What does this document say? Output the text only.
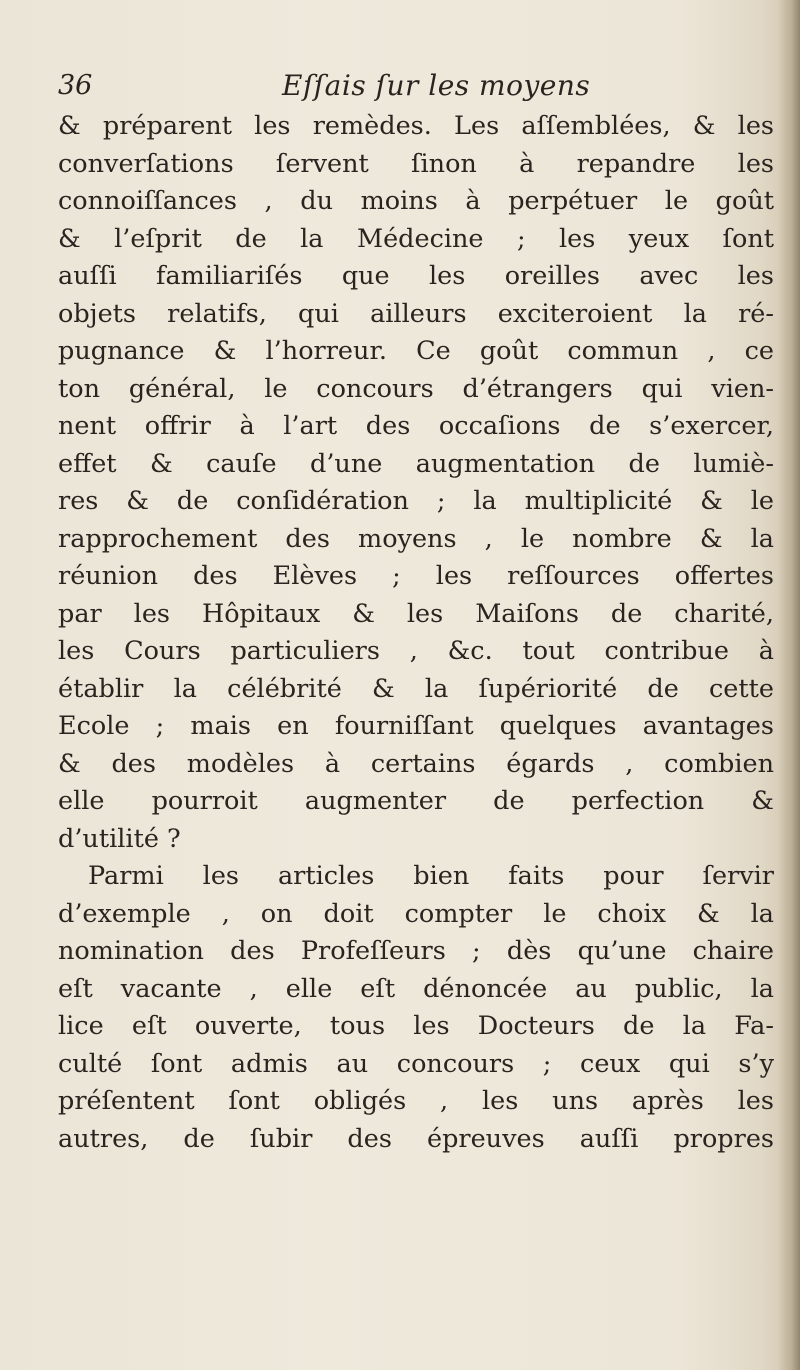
36	Eſſais ſur les moyens
& préparent les remèdes. Les aſſemblées, & les
converſations ſervent ſinon à repandre les
connoiſſances , du moins à perpétuer le goût
& l’eſprit de la Médecine ; les yeux ſont
auſſi familiariſés que les oreilles avec les
objets relatifs, qui ailleurs exciteroient la ré-
pugnance & l’horreur. Ce goût commun , ce
ton général, le concours d’étrangers qui vien-
nent offrir à l’art des occaſions de s’exercer,
effet & cauſe d’une augmentation de lumiè-
res & de conſidération ; la multiplicité & le
rapprochement des moyens , le nombre & la
réunion des Elèves ; les reſſources offertes
par les Hôpitaux & les Maiſons de charité,
les Cours particuliers , &c. tout contribue à
établir la célébrité & la ſupériorité de cette
Ecole ; mais en fourniſſant quelques avantages
& des modèles à certains égards , combien
elle pourroit augmenter de perfection &
d’utilité ?
Parmi les articles bien faits pour ſervir
d’exemple , on doit compter le choix & la
nomination des Profeſſeurs ; dès qu’une chaire
eſt vacante , elle eſt dénoncée au public, la
lice eſt ouverte, tous les Docteurs de la Fa-
culté ſont admis au concours ; ceux qui s’y
préſentent ſont obligés , les uns après les
autres, de ſubir des épreuves auſſi propres
